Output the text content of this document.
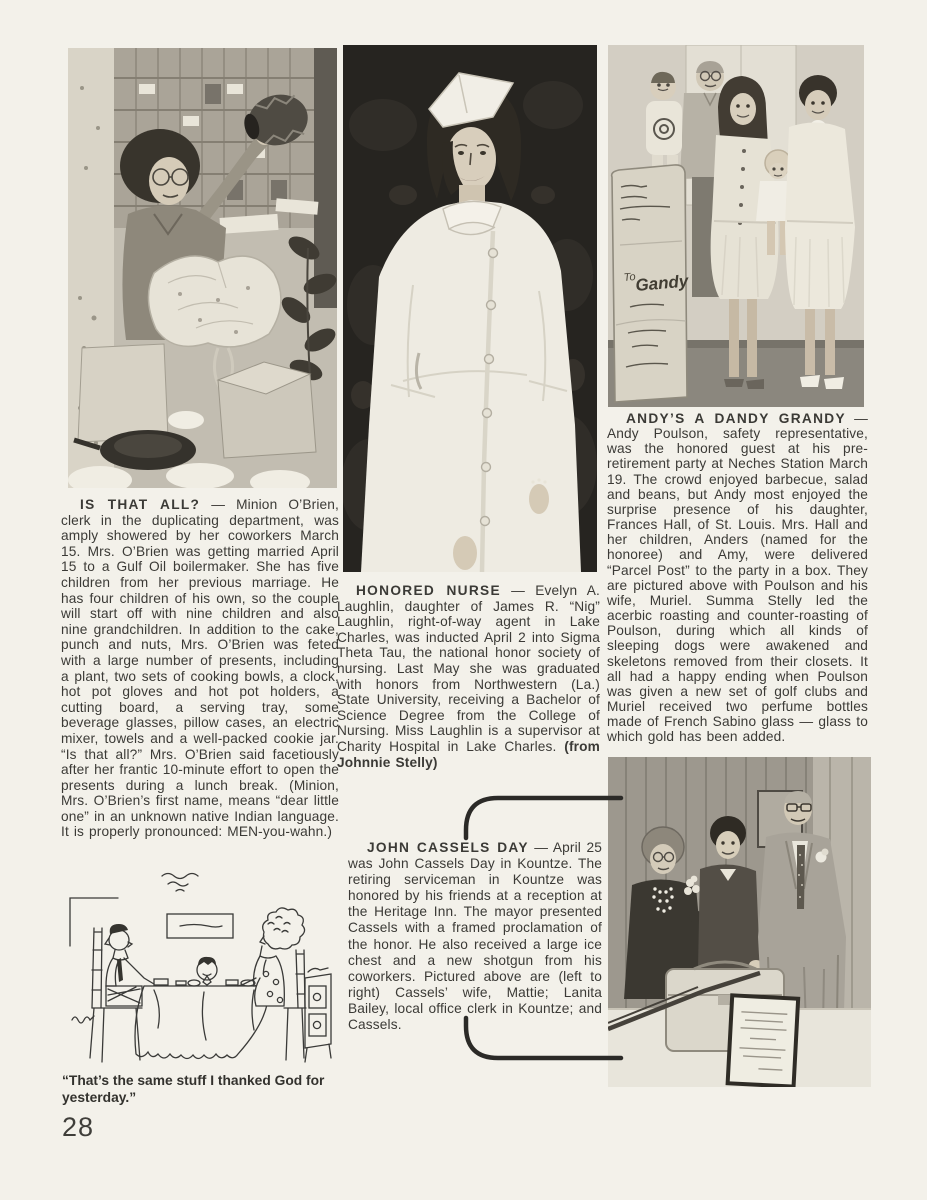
IS THAT ALL? — Minion O’Brien, clerk in the duplicating department, was amply showered by her coworkers March 15. Mrs. O’Brien was getting married April 15 to a Gulf Oil boilermaker. She has five children from her previous marriage. He has four children of his own, so the couple will start off with nine children and also nine grandchildren. In addition to the cake, punch and nuts, Mrs. O’Brien was feted with a large number of presents, including a plant, two sets of cooking bowls, a clock, hot pot gloves and hot pot holders, a cutting board, a serving tray, some beverage glasses, pillow cases, an electric mixer, towels and a well-packed cookie jar. “Is that all?” Mrs. O’Brien said facetiously after her frantic 10-minute effort to open the presents during a lunch break. (Minion, Mrs. O’Brien’s first name, means “dear little one” in an unknown native Indian language. It is properly pronounced: MEN-you-wahn.)

“That’s the same stuff I thanked God for yesterday.”

28

HONORED NURSE — Evelyn A. Laughlin, daughter of James R. “Nig” Laughlin, right-of-way agent in Lake Charles, was inducted April 2 into Sigma Theta Tau, the national honor society of nursing. Last May she was graduated with honors from Northwestern (La.) State University, receiving a Bachelor of Science Degree from the College of Nursing. Miss Laughlin is a supervisor at Charity Hospital in Lake Charles. (from Johnnie Stelly)

JOHN CASSELS DAY — April 25 was John Cassels Day in Kountze. The retiring serviceman in Kountze was honored by his friends at a reception at the Heritage Inn. The mayor presented Cassels with a framed proclamation of the honor. He also received a large ice chest and a new shotgun from his coworkers. Pictured above are (left to right) Cassels’ wife, Mattie; Lanita Bailey, local office clerk in Kountze; and Cassels.

To
Gandy

ANDY’S A DANDY GRANDY — Andy Poulson, safety representative, was the honored guest at his pre-retirement party at Neches Station March 19. The crowd enjoyed barbecue, salad and beans, but Andy most enjoyed the surprise presence of his daughter, Frances Hall, of St. Louis. Mrs. Hall and her children, Anders (named for the honoree) and Amy, were delivered “Parcel Post” to the party in a box. They are pictured above with Poulson and his wife, Muriel. Summa Stelly led the acerbic roasting and counter-roasting of Poulson, during which all kinds of sleeping dogs were awakened and skeletons removed from their closets. It all had a happy ending when Poulson was given a new set of golf clubs and Muriel received two perfume bottles made of French Sabino glass — glass to which gold has been added.
